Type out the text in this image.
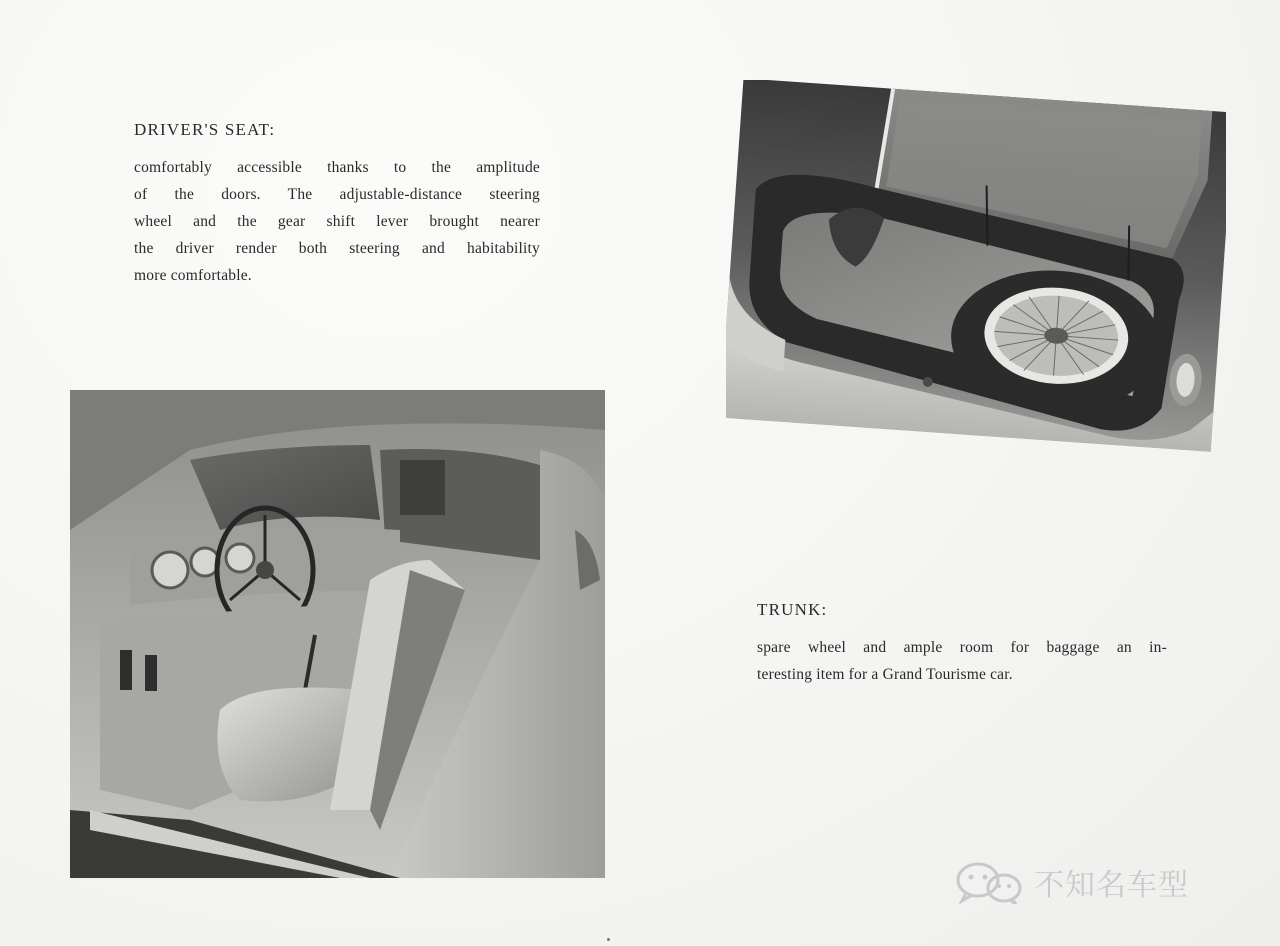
DRIVER'S SEAT:

comfortably accessible thanks to the amplitude
of the doors. The adjustable-distance steering
wheel and the gear shift lever brought nearer
the driver render both steering and habitability
more comfortable.

TRUNK:

spare wheel and ample room for baggage an in-
teresting item for a Grand Tourisme car.

不知名车型
